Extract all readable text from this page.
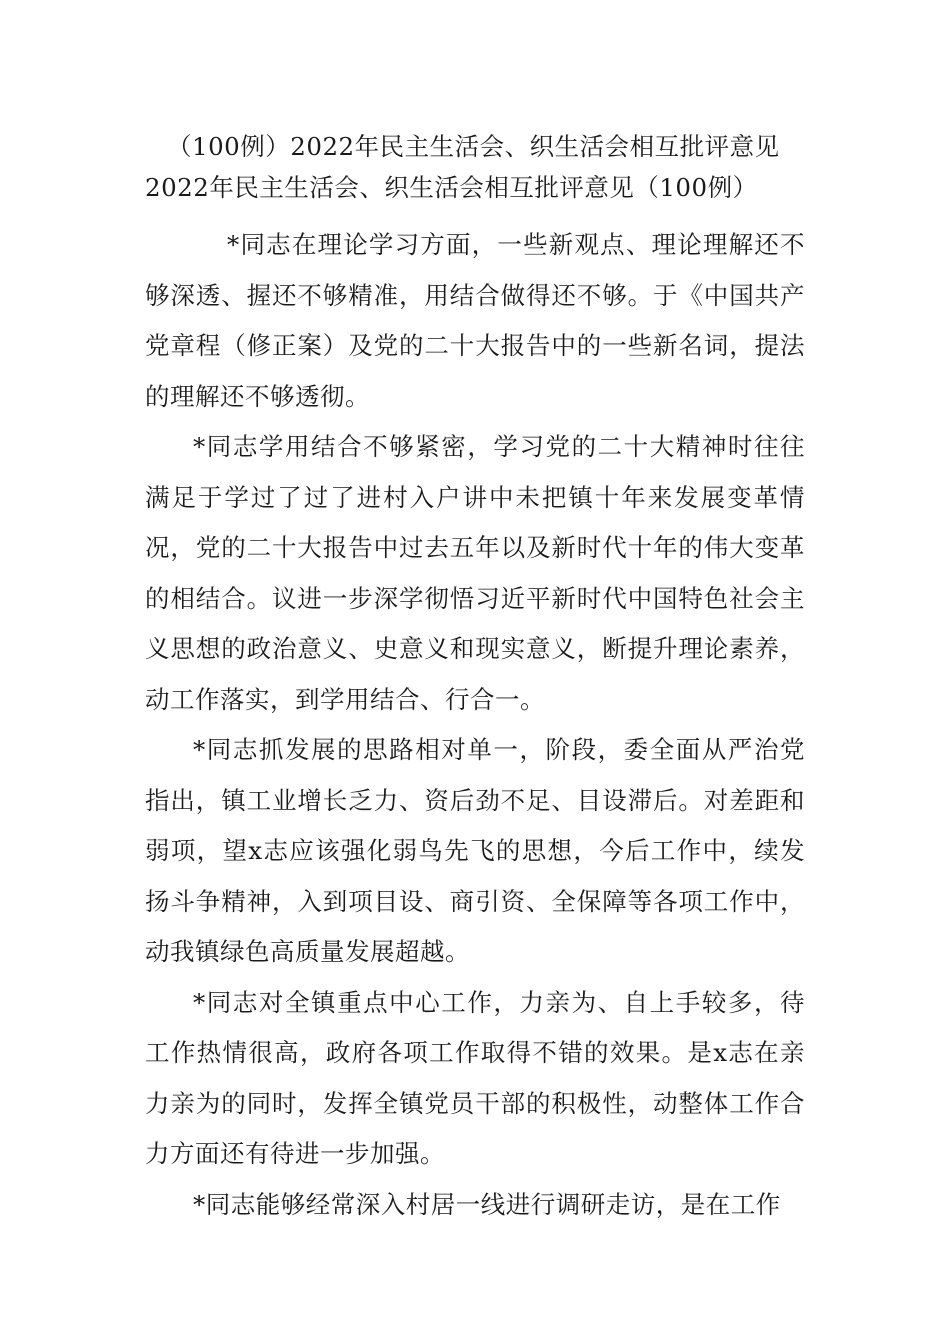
（100例）2022年民主生活会、织生活会相互批评意见
2022年民主生活会、织生活会相互批评意见（100例）

*同志在理论学习方面，一些新观点、理论理解还不够深透、握还不够精准，用结合做得还不够。于《中国共产党章程（修正案）及党的二十大报告中的一些新名词，提法的理解还不够透彻。

*同志学用结合不够紧密，学习党的二十大精神时往往满足于学过了过了进村入户讲中未把镇十年来发展变革情况，党的二十大报告中过去五年以及新时代十年的伟大变革的相结合。议进一步深学彻悟习近平新时代中国特色社会主义思想的政治意义、史意义和现实意义，断提升理论素养，动工作落实，到学用结合、行合一。

*同志抓发展的思路相对单一，阶段，委全面从严治党指出，镇工业增长乏力、资后劲不足、目设滞后。对差距和弱项，望x志应该强化弱鸟先飞的思想，今后工作中，续发扬斗争精神，入到项目设、商引资、全保障等各项工作中，动我镇绿色高质量发展超越。

*同志对全镇重点中心工作，力亲为、自上手较多，待工作热情很高，政府各项工作取得不错的效果。是x志在亲力亲为的同时，发挥全镇党员干部的积极性，动整体工作合力方面还有待进一步加强。

*同志能够经常深入村居一线进行调研走访，是在工作
